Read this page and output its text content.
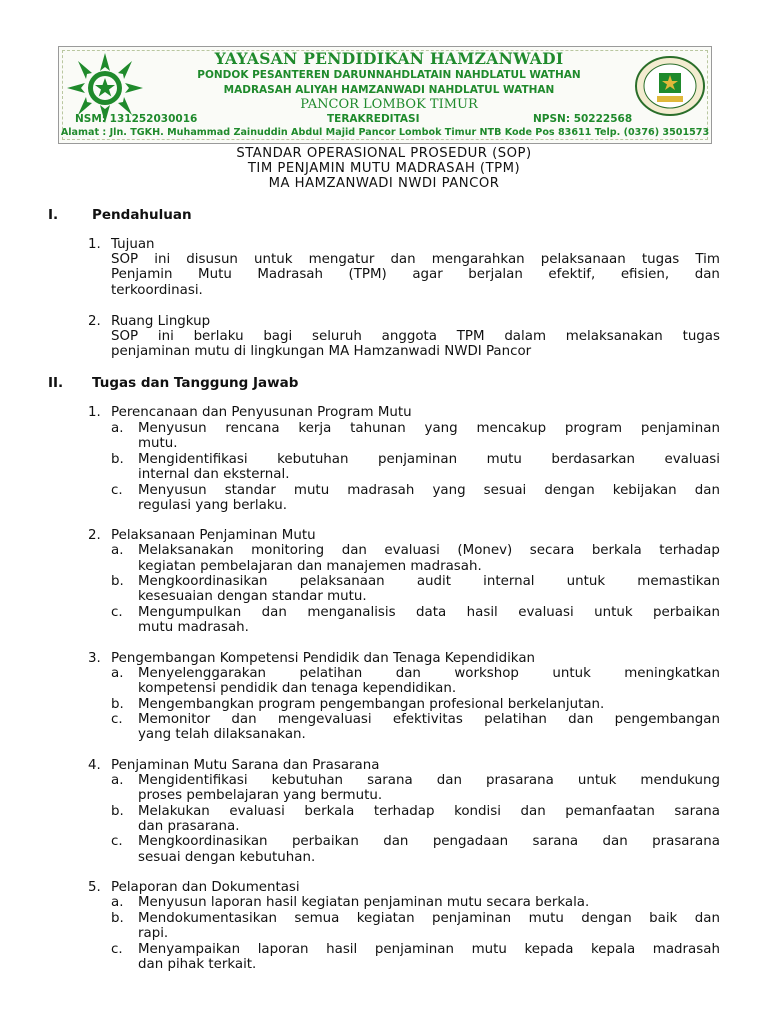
YAYASAN PENDIDIKAN HAMZANWADI
PONDOK PESANTEREN DARUNNAHDLATAIN NAHDLATUL WATHAN
MADRASAH ALIYAH HAMZANWADI NAHDLATUL WATHAN
PANCOR LOMBOK TIMUR
NSM: 131252030016	TERAKREDITASI	NPSN: 50222568
Alamat : Jln. TGKH. Muhammad Zainuddin Abdul Majid Pancor Lombok Timur NTB Kode Pos 83611 Telp. (0376) 3501573
STANDAR OPERASIONAL PROSEDUR (SOP)
TIM PENJAMIN MUTU MADRASAH (TPM)
MA HAMZANWADI NWDI PANCOR
I.	Pendahuluan
1. Tujuan
SOP ini disusun untuk mengatur dan mengarahkan pelaksanaan tugas Tim
Penjamin Mutu Madrasah (TPM) agar berjalan efektif, efisien, dan
terkoordinasi.
2. Ruang Lingkup
SOP ini berlaku bagi seluruh anggota TPM dalam melaksanakan tugas
penjaminan mutu di lingkungan MA Hamzanwadi NWDI Pancor
II. Tugas dan Tanggung Jawab
1. Perencanaan dan Penyusunan Program Mutu
a. Menyusun rencana kerja tahunan yang mencakup program penjaminan
mutu.
b. Mengidentifikasi kebutuhan penjaminan mutu berdasarkan evaluasi
internal dan eksternal.
c. Menyusun standar mutu madrasah yang sesuai dengan kebijakan dan
regulasi yang berlaku.
2. Pelaksanaan Penjaminan Mutu
a. Melaksanakan monitoring dan evaluasi (Monev) secara berkala terhadap
kegiatan pembelajaran dan manajemen madrasah.
b. Mengkoordinasikan pelaksanaan audit internal untuk memastikan
kesesuaian dengan standar mutu.
c. Mengumpulkan dan menganalisis data hasil evaluasi untuk perbaikan
mutu madrasah.
3. Pengembangan Kompetensi Pendidik dan Tenaga Kependidikan
a. Menyelenggarakan pelatihan dan workshop untuk meningkatkan
kompetensi pendidik dan tenaga kependidikan.
b. Mengembangkan program pengembangan profesional berkelanjutan.
c. Memonitor dan mengevaluasi efektivitas pelatihan dan pengembangan
yang telah dilaksanakan.
4. Penjaminan Mutu Sarana dan Prasarana
a. Mengidentifikasi kebutuhan sarana dan prasarana untuk mendukung
proses pembelajaran yang bermutu.
b. Melakukan evaluasi berkala terhadap kondisi dan pemanfaatan sarana
dan prasarana.
c. Mengkoordinasikan perbaikan dan pengadaan sarana dan prasarana
sesuai dengan kebutuhan.
5. Pelaporan dan Dokumentasi
a. Menyusun laporan hasil kegiatan penjaminan mutu secara berkala.
b. Mendokumentasikan semua kegiatan penjaminan mutu dengan baik dan
rapi.
c. Menyampaikan laporan hasil penjaminan mutu kepada kepala madrasah
dan pihak terkait.
